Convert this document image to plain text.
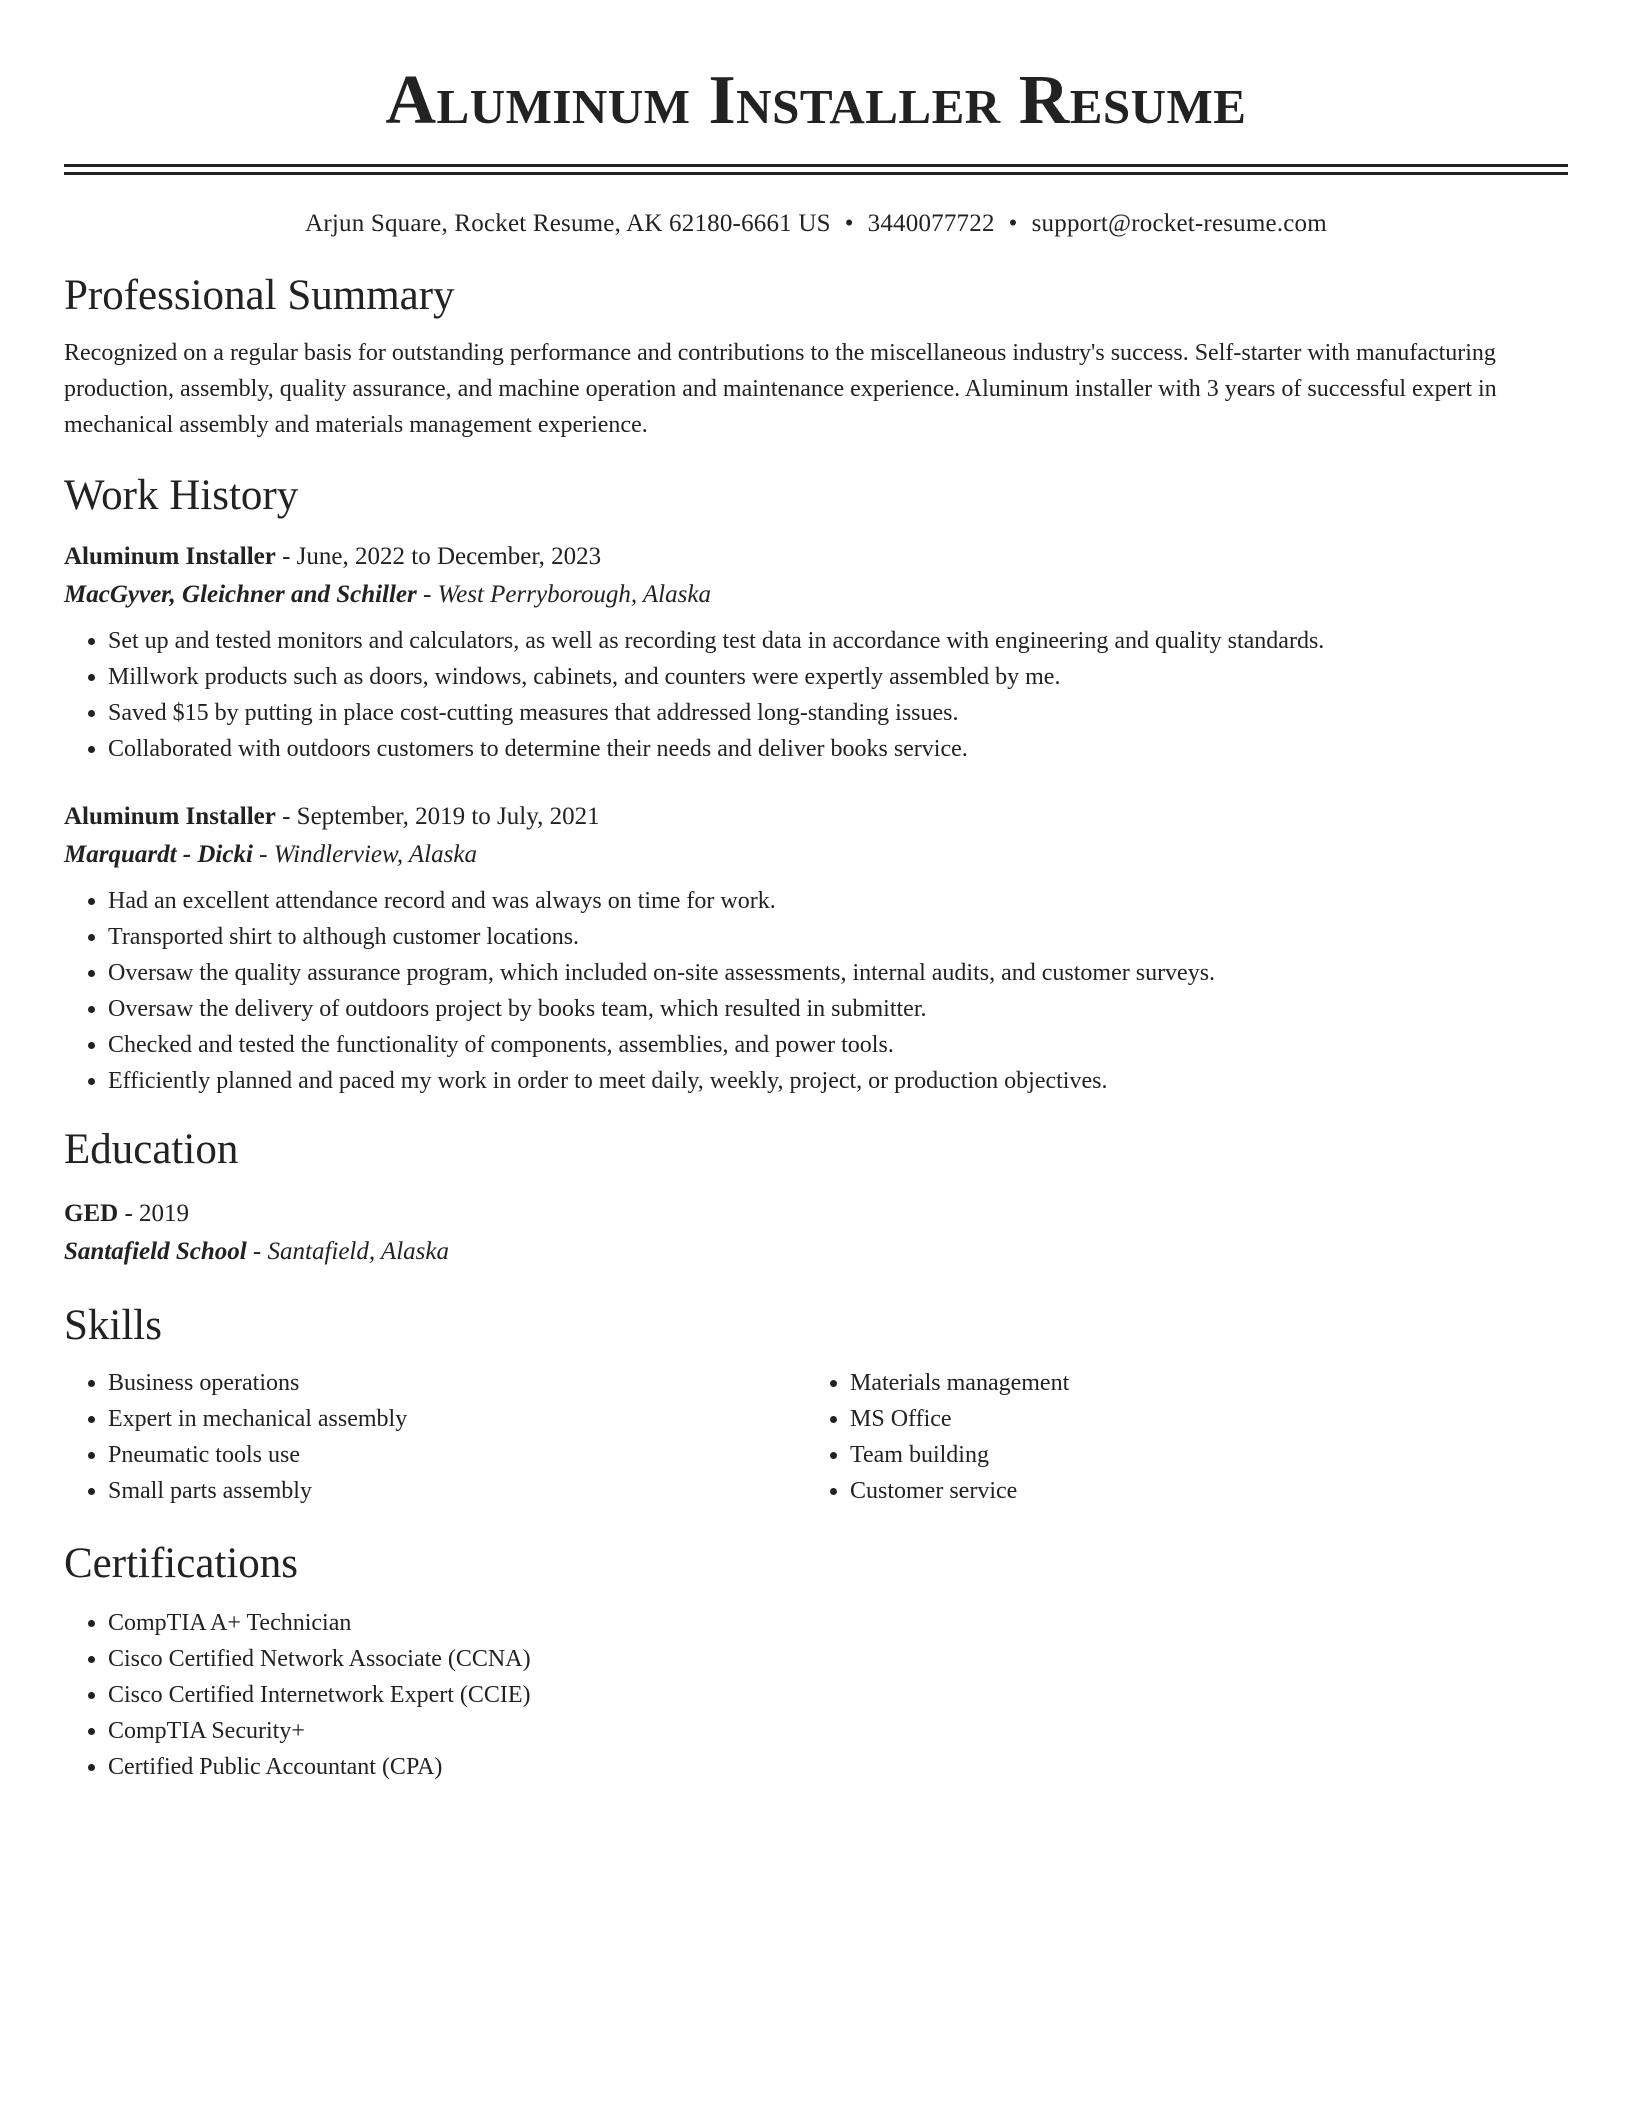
Aluminum Installer Resume
Arjun Square, Rocket Resume, AK 62180-6661 US • 3440077722 • support@rocket-resume.com
Professional Summary
Recognized on a regular basis for outstanding performance and contributions to the miscellaneous industry's success. Self-starter with manufacturing production, assembly, quality assurance, and machine operation and maintenance experience. Aluminum installer with 3 years of successful expert in mechanical assembly and materials management experience.
Work History
Aluminum Installer - June, 2022 to December, 2023
MacGyver, Gleichner and Schiller - West Perryborough, Alaska
• Set up and tested monitors and calculators, as well as recording test data in accordance with engineering and quality standards.
• Millwork products such as doors, windows, cabinets, and counters were expertly assembled by me.
• Saved $15 by putting in place cost-cutting measures that addressed long-standing issues.
• Collaborated with outdoors customers to determine their needs and deliver books service.
Aluminum Installer - September, 2019 to July, 2021
Marquardt - Dicki - Windlerview, Alaska
• Had an excellent attendance record and was always on time for work.
• Transported shirt to although customer locations.
• Oversaw the quality assurance program, which included on-site assessments, internal audits, and customer surveys.
• Oversaw the delivery of outdoors project by books team, which resulted in submitter.
• Checked and tested the functionality of components, assemblies, and power tools.
• Efficiently planned and paced my work in order to meet daily, weekly, project, or production objectives.
Education
GED - 2019
Santafield School - Santafield, Alaska
Skills
• Business operations
• Expert in mechanical assembly
• Pneumatic tools use
• Small parts assembly
• Materials management
• MS Office
• Team building
• Customer service
Certifications
• CompTIA A+ Technician
• Cisco Certified Network Associate (CCNA)
• Cisco Certified Internetwork Expert (CCIE)
• CompTIA Security+
• Certified Public Accountant (CPA)
